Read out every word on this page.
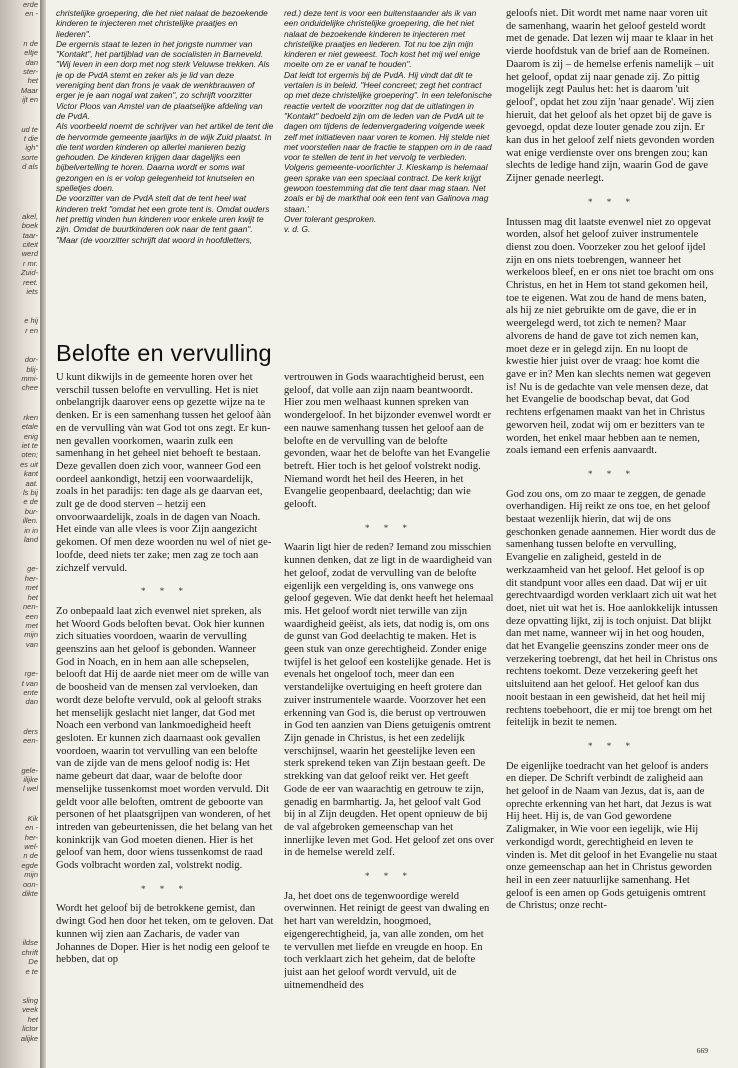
erde
en -
n de
eltje
dan
ster-
het
Maar
ijt en
ud te
t die
igh"
sorte
d als
akel,
boek
taar-
citeit
werd
r mr.
Zuid-
reet.
iets
e hij
r en
dor-
blij-
mmi-
chee
rken
etale
enig
iet te
oten;
es uit
kant
aat.
ls bij
e de
bur-
illen.
in in
land
ge-
her-
met
het
nen-
een
met
mijn
van
rge-
t van
ente
dan
ders
een-
gele-
ilijke
l wel
Kik
en -
her-
wel-
n de
egde
mijn
oon-
dikte
ildse
chrift
De
e te
sling
veek
het
lictor
alijke

christelijke groepering, die het niet nalaat de bezoekende kinderen te injecteren met christelijke praatjes en liederen".

De ergernis staat te lezen in het jongste nummer van "Kontakt", het partijblad van de socialisten in Barneveld. "Wij leven in een dorp met nog sterk Veluwse trekken. Als je op de PvdA stemt en zeker als je lid van deze vereniging bent dan frons je vaak de wenkbrauwen of erger je je aan nogal wat zaken", zo schrijft voorzitter Victor Ploos van Amstel van de plaatselijke afdeling van de PvdA.

Als voorbeeld noemt de schrijver van het artikel de tent die de hervormde gemeente jaarlijks in de wijk Zuid plaatst. In die tent worden kinderen op allerlei manieren bezig gehouden. De kinderen krijgen daar dagelijks een bijbelvertelling te horen. Daarna wordt er soms wat gezongen en is er volop gelegenheid tot knutselen en spelletjes doen.

De voorzitter van de PvdA stelt dat de tent heel wat kinderen trekt "omdat het een grote tent is. Omdat ouders het prettig vinden hun kinderen voor enkele uren kwijt te zijn. Omdat de buurtkinderen ook naar de tent gaan".

"Maar (de voorzitter schrijft dat woord in hoofdletters,

red.) deze tent is voor een buitenstaander als ik van een onduidelijke christelijke groepering, die het niet nalaat de bezoekende kinderen te injecteren met christelijke praatjes en liederen. Tot nu toe zijn mijn kinderen er niet geweest. Toch kost het mij wel enige moeite om ze er vanaf te houden".

Dat leidt tot ergernis bij de PvdA. Hij vindt dat dit te vertalen is in beleid. "Heel concreet; zegt het contract op met deze christelijke groepering". In een telefonische reactie vertelt de voorzitter nog dat de uitlatingen in "Kontakt" bedoeld zijn om de leden van de PvdA uit te dagen om tijdens de ledenvergadering volgende week zelf met initiatieven naar voren te komen. Hij stelde niet met voorstellen naar de fractie te stappen om in de raad voor te stellen de tent in het vervolg te verbieden. Volgens gemeente-voorlichter J. Kieskamp is helemaal geen sprake van een speciaal contract. De kerk krijgt gewoon toestemming dat die tent daar mag staan. Net zoals er bij de markthal ook een tent van Galinova mag staan.'

Over tolerant gesproken.

v. d. G.

Belofte en vervulling

U kunt dikwijls in de gemeente horen over het verschil tussen belofte en vervulling. Het is niet onbelangrijk daarover eens op gezette wijze na te denken. Er is een samenhang tussen het geloof ààn en de vervulling vàn wat God tot ons zegt. Er kunnen gevallen voorkomen, waarin zulk een samenhang in het geheel niet behoeft te bestaan. Deze gevallen doen zich voor, wanneer God een oordeel aankondigt, hetzij een voorwaardelijk, zoals in het paradijs: ten dage als ge daarvan eet, zult ge de dood sterven – hetzij een onvoorwaardelijk, zoals in de dagen van Noach. Het einde van alle vlees is voor Zijn aangezicht gekomen. Of men deze woorden nu wel of niet geloofde, deed niets ter zake; men zag ze toch aan zichzelf vervuld.

* * *

Zo onbepaald laat zich evenwel niet spreken, als het Woord Gods beloften bevat. Ook hier kunnen zich situaties voordoen, waarin de vervulling geenszins aan het geloof is gebonden. Wanneer God in Noach, en in hem aan alle schepselen, belooft dat Hij de aarde niet meer om de wille van de boosheid van de mensen zal vervloeken, dan wordt deze belofte vervuld, ook al gelooft straks het menselijk geslacht niet langer, dat God met Noach een verbond van lankmoedigheid heeft gesloten. Er kunnen zich daarnaast ook gevallen voordoen, waarin tot vervulling van een belofte van de zijde van de mens geloof nodig is: Het name gebeurt dat daar, waar de belofte door menselijke tussenkomst moet worden vervuld. Dit geldt voor alle beloften, omtrent de geboorte van personen of het plaatsgrijpen van wonderen, of het intreden van gebeurtenissen, die het belang van het koninkrijk van God moeten dienen. Hier is het geloof van hem, door wiens tussenkomst de raad Gods volbracht worden zal, volstrekt nodig.

* * *

Wordt het geloof bij de betrokkene gemist, dan dwingt God hen door het teken, om te geloven. Dat kunnen wij zien aan Zacharis, de vader van Johannes de Doper. Hier is het nodig een geloof te hebben, dat op

vertrouwen in Gods waarachtigheid berust, een geloof, dat volle aan zijn naam beantwoordt. Hier zou men welhaast kunnen spreken van wondergeloof. In het bijzonder evenwel wordt er een nauwe samenhang tussen het geloof aan de belofte en de vervulling van de belofte gevonden, waar het de belofte van het Evangelie betreft. Hier toch is het geloof volstrekt nodig. Niemand wordt het heil des Heeren, in het Evangelie geopenbaard, deelachtig; dan wie gelooft.

* * *

Waarin ligt hier de reden? Iemand zou misschien kunnen denken, dat ze ligt in de waardigheid van het geloof, zodat de vervulling van de belofte eigenlijk een vergelding is, ons vanwege ons geloof gegeven. Wie dat denkt heeft het helemaal mis. Het geloof wordt niet terwille van zijn waardigheid geëist, als iets, dat nodig is, om ons de gunst van God deelachtig te maken. Het is geen stuk van onze gerechtigheid. Zonder enige twijfel is het geloof een kostelijke genade. Het is evenals het ongeloof toch, meer dan een verstandelijke overtuiging en heeft grotere dan zuiver instrumentele waarde. Voorzover het een erkenning van God is, die berust op vertrouwen in God ten aanzien van Diens getuigenis omtrent Zijn genade in Christus, is het een zedelijk verschijnsel, waarin het geestelijke leven een sterk sprekend teken van Zijn bestaan geeft. De strekking van dat geloof reikt ver. Het geeft Gode de eer van waarachtig en getrouw te zijn, genadig en barmhartig. Ja, het geloof valt God bij in al Zijn deugden. Het opent opnieuw de bij de val afgebroken gemeenschap van het innerlijke leven met God. Het geloof zet ons over in de hemelse wereld zelf.

* * *

Ja, het doet ons de tegenwoordige wereld overwinnen. Het reinigt de geest van dwaling en het hart van wereldzin, hoogmoed, eigengerechtigheid, ja, van alle zonden, om het te vervullen met liefde en vreugde en hoop. En toch verklaart zich het geheim, dat de belofte juist aan het geloof wordt vervuld, uit de uitnemendheid des

geloofs niet. Dit wordt met name naar voren uit de samenhang, waarin het geloof gesteld wordt met de genade. Dat lezen wij maar te klaar in het vierde hoofdstuk van de brief aan de Romeinen. Daarom is zij – de hemelse erfenis namelijk – uit het geloof, opdat zij naar genade zij. Zo pittig mogelijk zegt Paulus het: het is daarom 'uit geloof', opdat het zou zijn 'naar genade'. Wij zien hieruit, dat het geloof als het opzet bij de gave is gevoegd, opdat deze louter genade zou zijn. Er kan dus in het geloof zelf niets gevonden worden wat enige verdienste over ons brengen zou; kan slechts de ledige hand zijn, waarin God de gave Zijner genade neerlegt.

* * *

Intussen mag dit laatste evenwel niet zo opgevat worden, alsof het geloof zuiver instrumentele dienst zou doen. Voorzeker zou het geloof ijdel zijn en ons niets toebrengen, wanneer het werkeloos bleef, en er ons niet toe bracht om ons Christus, en het in Hem tot stand gekomen heil, toe te eigenen. Wat zou de hand de mens baten, als hij ze niet gebruikte om de gave, die er in weergelegd werd, tot zich te nemen? Maar alvorens de hand de gave tot zich nemen kan, moet deze er in gelegd zijn. En nu loopt de kwestie hier juist over de vraag: hoe komt die gave er in? Men kan slechts nemen wat gegeven is! Nu is de gedachte van vele mensen deze, dat het Evangelie de boodschap bevat, dat God rechtens erfgenamen maakt van het in Christus geworven heil, zodat wij om er bezitters van te worden, het enkel maar hebben aan te nemen, zoals iemand een erfenis aanvaardt.

* * *

God zou ons, om zo maar te zeggen, de genade overhandigen. Hij reikt ze ons toe, en het geloof bestaat wezenlijk hierin, dat wij de ons geschonken genade aannemen. Hier wordt dus de samenhang tussen belofte en vervulling, Evangelie en zaligheid, gesteld in de werkzaamheid van het geloof. Het geloof is op dit standpunt voor alles een daad. Dat wij er uit gerechtvaardigd worden verklaart zich uit wat het doet, niet uit wat het is. Hoe aanlokkelijk intussen deze opvatting lijkt, zij is toch onjuist. Dat blijkt dan met name, wanneer wij in het oog houden, dat het Evangelie geenszins zonder meer ons de verzekering toebrengt, dat het heil in Christus ons rechtens toekomt. Deze verzekering geeft het uitsluitend aan het geloof. Het geloof kan dus nooit bestaan in een gewisheid, dat het heil mij rechtens toebehoort, die er mij toe brengt om het feitelijk in bezit te nemen.

* * *

De eigenlijke toedracht van het geloof is anders en dieper. De Schrift verbindt de zaligheid aan het geloof in de Naam van Jezus, dat is, aan de oprechte erkenning van het hart, dat Jezus is wat Hij heet. Hij is, de van God gewordene Zaligmaker, in Wie voor een iegelijk, wie Hij verkondigd wordt, gerechtigheid en leven te vinden is. Met dit geloof in het Evangelie nu staat onze gemeenschap aan het in Christus geworden heil in een zeer natuurlijke samenhang. Het geloof is een amen op Gods getuigenis omtrent de Christus; onze recht-

669
